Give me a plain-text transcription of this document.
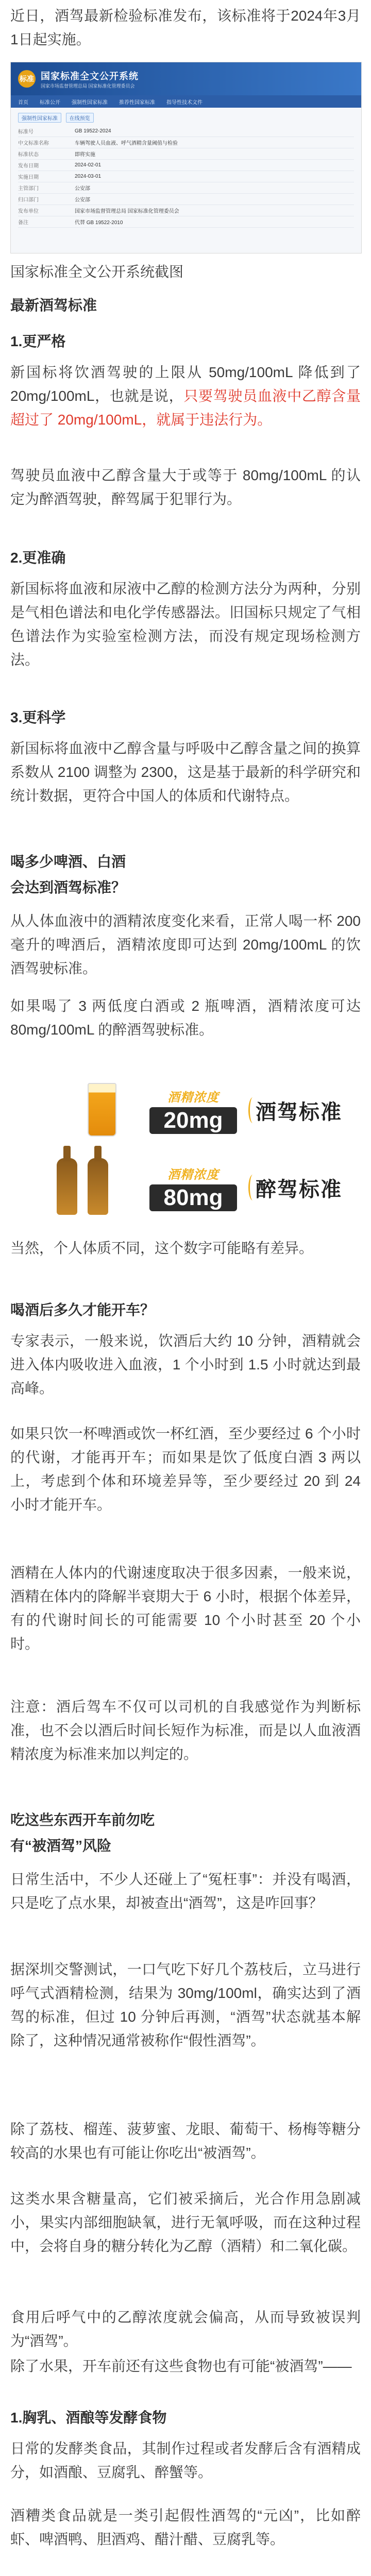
近日，酒驾最新检验标准发布，该标准将于2024年3月1日起实施。
标准 国家标准全文公开系统
国家市场监督管理总局 国家标准化管理委员会
首页 标准公开 强制性国家标准 推荐性国家标准 指导性技术文件
强制性国家标准 在线预览
标准号	GB 19522-2024
中文标准名称	车辆驾驶人员血液、呼气酒精含量阈值与检验
标准状态	即将实施
发布日期	2024-02-01
实施日期	2024-03-01
主管部门	公安部
归口部门	公安部
发布单位	国家市场监督管理总局 国家标准化管理委员会
备注	代替 GB 19522-2010
国家标准全文公开系统截图
最新酒驾标准
1.更严格
新国标将饮酒驾驶的上限从 50mg/100mL 降低到了 20mg/100mL，也就是说，只要驾驶员血液中乙醇含量超过了 20mg/100mL，就属于违法行为。
驾驶员血液中乙醇含量大于或等于 80mg/100mL 的认定为醉酒驾驶，醉驾属于犯罪行为。
2.更准确
新国标将血液和尿液中乙醇的检测方法分为两种，分别是气相色谱法和电化学传感器法。旧国标只规定了气相色谱法作为实验室检测方法，而没有规定现场检测方法。
3.更科学
新国标将血液中乙醇含量与呼吸中乙醇含量之间的换算系数从 2100 调整为 2300，这是基于最新的科学研究和统计数据，更符合中国人的体质和代谢特点。
喝多少啤酒、白酒
会达到酒驾标准？
从人体血液中的酒精浓度变化来看，正常人喝一杯 200 毫升的啤酒后，酒精浓度即可达到 20mg/100mL 的饮酒驾驶标准。
如果喝了 3 两低度白酒或 2 瓶啤酒，酒精浓度可达 80mg/100mL 的醉酒驾驶标准。
酒精浓度
20mg	酒驾标准
酒精浓度
80mg	醉驾标准
当然，个人体质不同，这个数字可能略有差异。
喝酒后多久才能开车？
专家表示，一般来说，饮酒后大约 10 分钟，酒精就会进入体内吸收进入血液，1 个小时到 1.5 小时就达到最高峰。
如果只饮一杯啤酒或饮一杯红酒，至少要经过 6 个小时的代谢，才能再开车；而如果是饮了低度白酒 3 两以上，考虑到个体和环境差异等，至少要经过 20 到 24 小时才能开车。
酒精在人体内的代谢速度取决于很多因素，一般来说，酒精在体内的降解半衰期大于 6 小时，根据个体差异，有的代谢时间长的可能需要 10 个小时甚至 20 个小时。
注意：酒后驾车不仅可以司机的自我感觉作为判断标准，也不会以酒后时间长短作为标准，而是以人血液酒精浓度为标准来加以判定的。
吃这些东西开车前勿吃
有“被酒驾”风险
日常生活中，不少人还碰上了“冤枉事”：并没有喝酒，只是吃了点水果，却被查出“酒驾”，这是咋回事？
据深圳交警测试，一口气吃下好几个荔枝后，立马进行呼气式酒精检测，结果为 30mg/100ml，确实达到了酒驾的标准，但过 10 分钟后再测，“酒驾”状态就基本解除了，这种情况通常被称作“假性酒驾”。
除了荔枝、榴莲、菠萝蜜、龙眼、葡萄干、杨梅等糖分较高的水果也有可能让你吃出“被酒驾”。
这类水果含糖量高，它们被采摘后，光合作用急剧减小，果实内部细胞缺氧，进行无氧呼吸，而在这种过程中，会将自身的糖分转化为乙醇（酒精）和二氧化碳。
食用后呼气中的乙醇浓度就会偏高，从而导致被误判为“酒驾”。
除了水果，开车前还有这些食物也有可能“被酒驾”——
1.胸乳、酒酿等发酵食物
日常的发酵类食品，其制作过程或者发酵后含有酒精成分，如酒酿、豆腐乳、醉蟹等。
酒糟类食品就是一类引起假性酒驾的“元凶”，比如醉虾、啤酒鸭、胆酒鸡、醋汁醋、豆腐乳等。
